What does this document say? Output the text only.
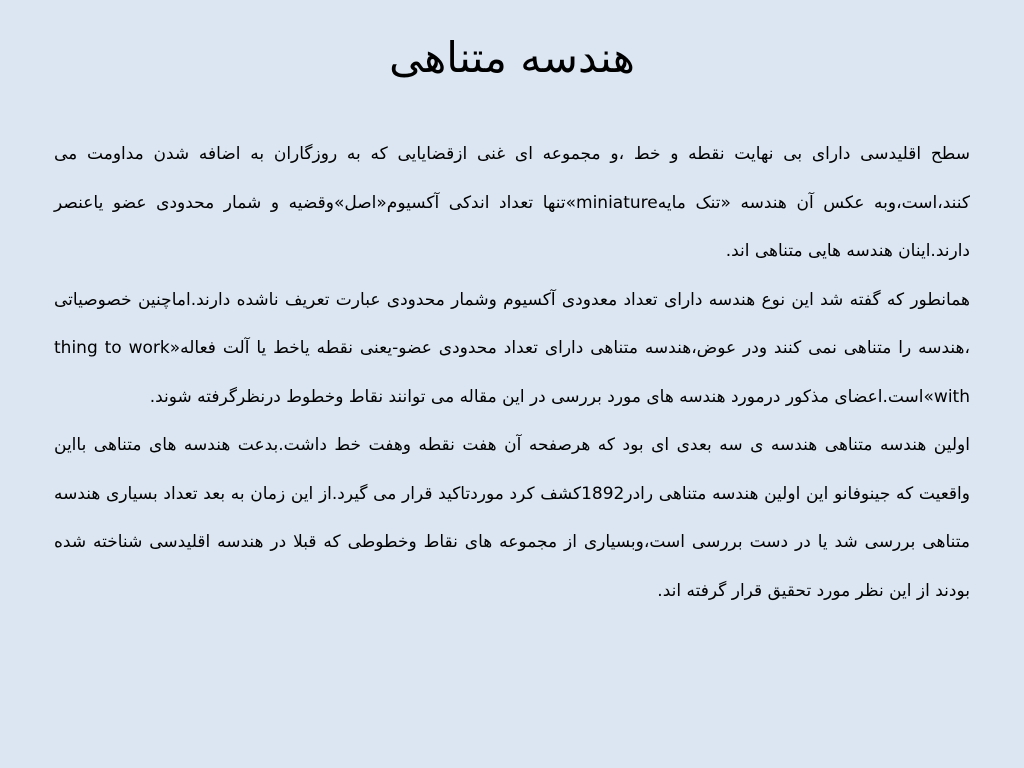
هندسه متناهی

سطح اقلیدسی دارای بی نهایت نقطه و خط ،و مجموعه ای غنی ازقضایایی که به روزگاران به اضافه شدن مداومت می کنند،است،وبه عکس آن هندسه «تنک مایهminiature»تنها تعداد اندکی آکسیوم«اصل»وقضیه و شمار محدودی عضو یاعنصر دارند.اینان هندسه هایی متناهی اند.

همانطور که گفته شد این نوع هندسه دارای تعداد معدودی آکسیوم وشمار محدودی عبارت تعریف ناشده دارند.اماچنین خصوصیاتی ،هندسه را متناهی نمی کنند ودر عوض،هندسه متناهی دارای تعداد محدودی عضو-یعنی نقطه یاخط یا آلت فعاله«thing to work with»است.اعضای مذکور درمورد هندسه های مورد بررسی در این مقاله می توانند نقاط وخطوط درنظرگرفته شوند.

اولین هندسه متناهی هندسه ی سه بعدی ای بود که هرصفحه آن هفت نقطه وهفت خط داشت.بدعت هندسه های متناهی بااین واقعیت که جینوفانو این اولین هندسه متناهی رادر1892کشف کرد موردتاکید قرار می گیرد.از این زمان به بعد تعداد بسیاری هندسه متناهی بررسی شد یا در دست بررسی است،وبسیاری از مجموعه های نقاط وخطوطی که قبلا در هندسه اقلیدسی شناخته شده بودند از این نظر مورد تحقیق قرار گرفته اند.
